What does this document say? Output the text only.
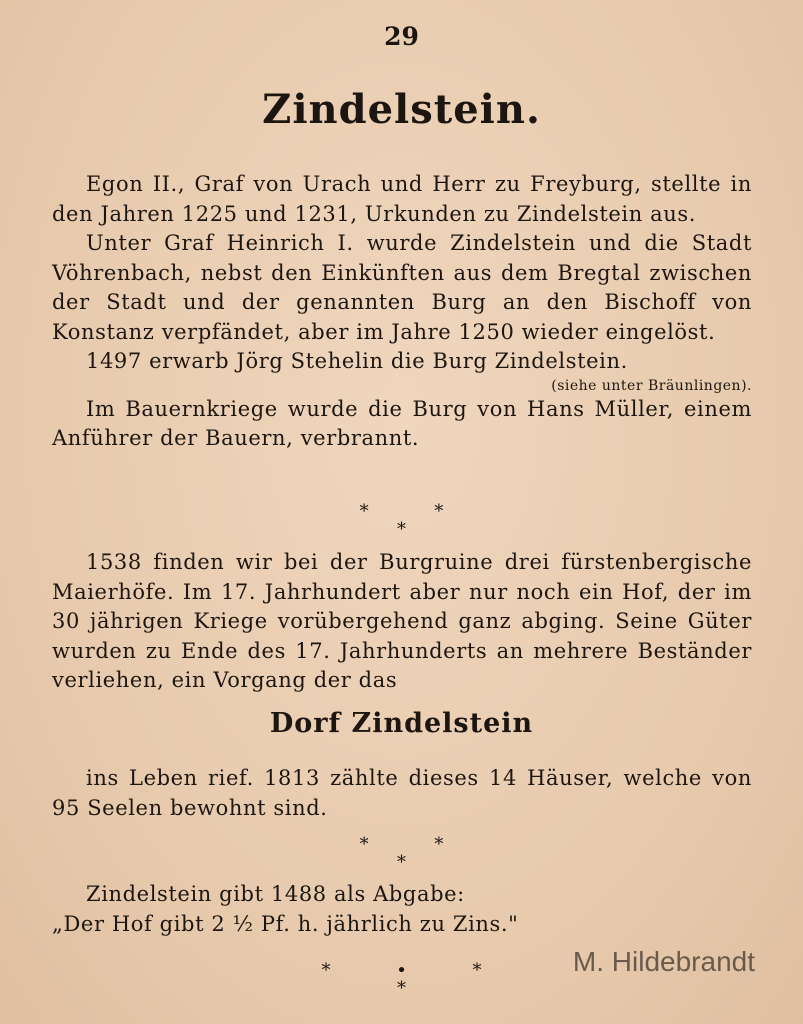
29
Zindelstein.

Egon II., Graf von Urach und Herr zu Freyburg, stellte in den Jahren 1225 und 1231, Urkunden zu Zindelstein aus.

Unter Graf Heinrich I. wurde Zindelstein und die Stadt Vöhrenbach, nebst den Einkünften aus dem Bregtal zwischen der Stadt und der genannten Burg an den Bischoff von Konstanz verpfändet, aber im Jahre 1250 wieder eingelöst.

1497 erwarb Jörg Stehelin die Burg Zindelstein.

(siehe unter Bräunlingen).

Im Bauernkriege wurde die Burg von Hans Müller, einem Anführer der Bauern, verbrannt.

* *
*

1538 finden wir bei der Burgruine drei fürstenbergische Maierhöfe. Im 17. Jahrhundert aber nur noch ein Hof, der im 30 jährigen Kriege vorübergehend ganz abging. Seine Güter wurden zu Ende des 17. Jahrhunderts an mehrere Beständer verliehen, ein Vorgang der das

Dorf Zindelstein

ins Leben rief. 1813 zählte dieses 14 Häuser, welche von 95 Seelen bewohnt sind.

* *
*

Zindelstein gibt 1488 als Abgabe:

„Der Hof gibt 2 ½ Pf. h. jährlich zu Zins."
* • *
*
M. Hildebrandt
